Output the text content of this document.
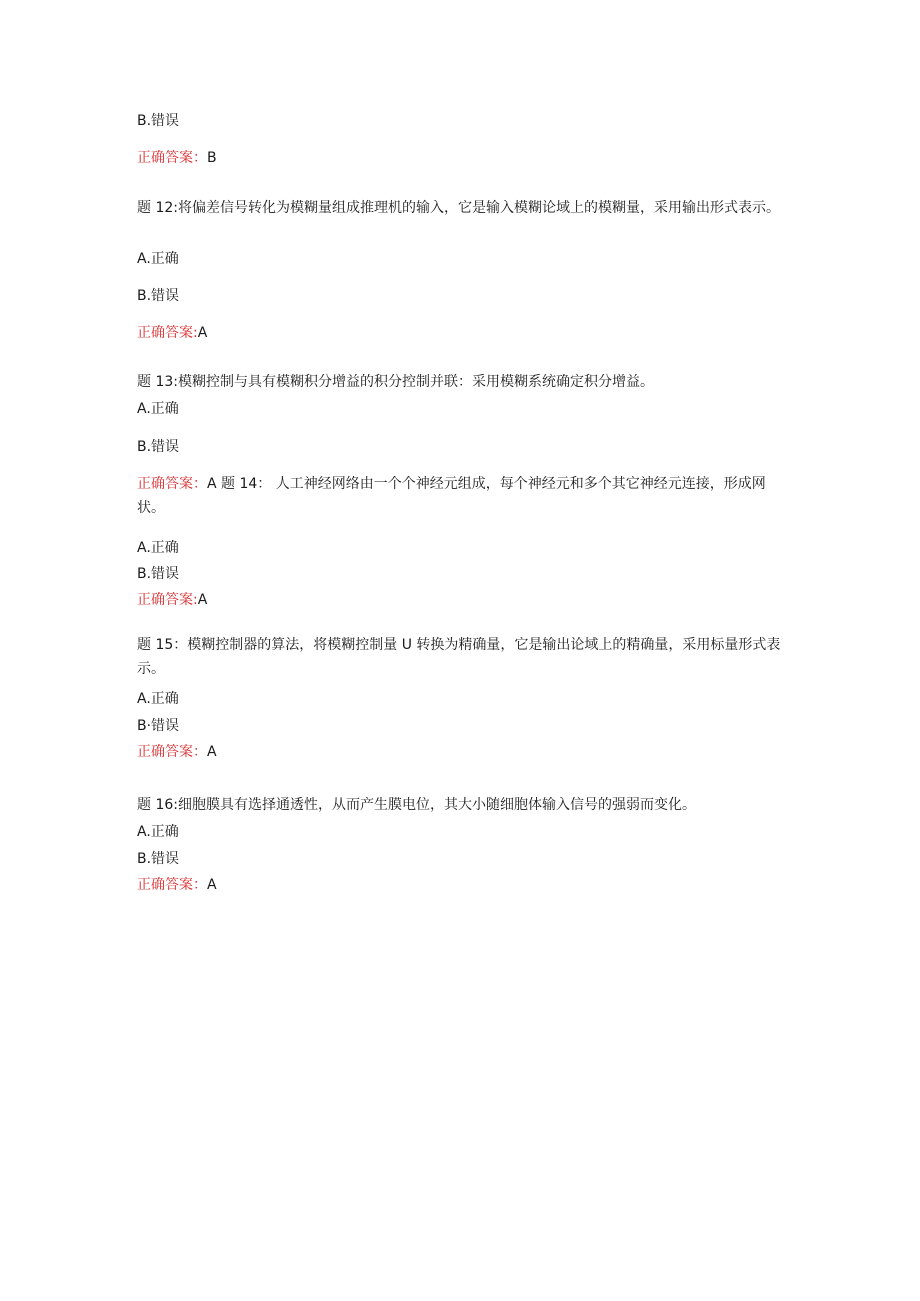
B.错误
正确答案：B
题 12:将偏差信号转化为模糊量组成推理机的输入，它是输入模糊论域上的模糊量，采用输出形式表示。
A.正确
B.错误
正确答案:A
题 13:模糊控制与具有模糊积分增益的积分控制并联：采用模糊系统确定积分增益。
A.正确
B.错误
正确答案：A 题 14： 人工神经网络由一个个神经元组成，每个神经元和多个其它神经元连接，形成网状。
A.正确
B.错误
正确答案:A
题 15：模糊控制器的算法，将模糊控制量 U 转换为精确量，它是输出论域上的精确量，采用标量形式表示。
A.正确
B·错误
正确答案：A
题 16:细胞膜具有选择通透性，从而产生膜电位，其大小随细胞体输入信号的强弱而变化。
A.正确
B.错误
正确答案：A
